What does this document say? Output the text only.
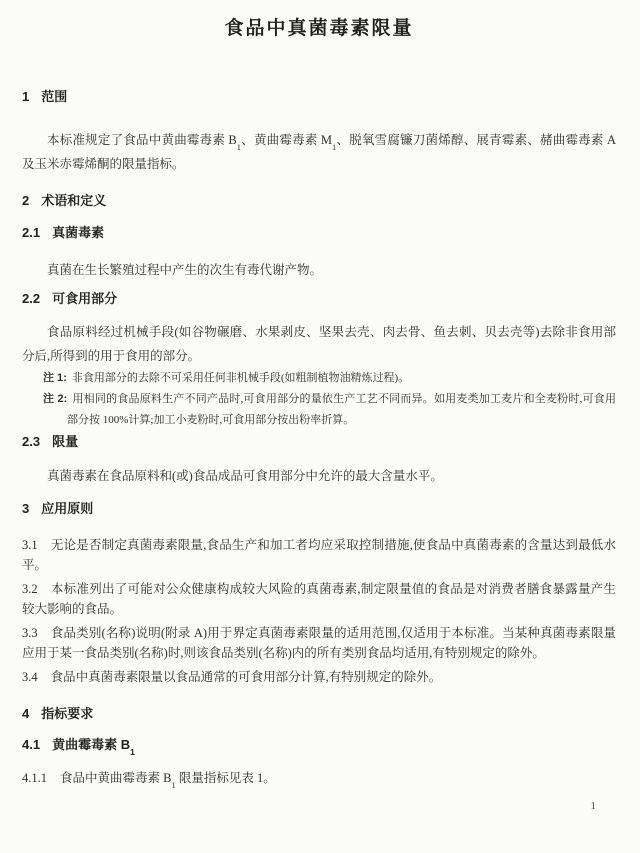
食品中真菌毒素限量

1 范围

本标准规定了食品中黄曲霉毒素 $B_1$、黄曲霉毒素 $M_1$、脱氧雪腐镰刀菌烯醇、展青霉素、赭曲霉毒素 A 及玉米赤霉烯酮的限量指标。

2 术语和定义

2.1 真菌毒素

真菌在生长繁殖过程中产生的次生有毒代谢产物。

2.2 可食用部分

食品原料经过机械手段(如谷物碾磨、水果剥皮、坚果去壳、肉去骨、鱼去刺、贝去壳等)去除非食用部分后,所得到的用于食用的部分。

注 1: 非食用部分的去除不可采用任何非机械手段(如粗制植物油精炼过程)。

注 2: 用相同的食品原料生产不同产品时,可食用部分的量依生产工艺不同而异。如用麦类加工麦片和全麦粉时,可食用部分按 100%计算;加工小麦粉时,可食用部分按出粉率折算。

2.3 限量

真菌毒素在食品原料和(或)食品成品可食用部分中允许的最大含量水平。

3 应用原则

3.1 无论是否制定真菌毒素限量,食品生产和加工者均应采取控制措施,使食品中真菌毒素的含量达到最低水平。

3.2 本标准列出了可能对公众健康构成较大风险的真菌毒素,制定限量值的食品是对消费者膳食暴露量产生较大影响的食品。

3.3 食品类别(名称)说明(附录 A)用于界定真菌毒素限量的适用范围,仅适用于本标准。当某种真菌毒素限量应用于某一食品类别(名称)时,则该食品类别(名称)内的所有类别食品均适用,有特别规定的除外。

3.4 食品中真菌毒素限量以食品通常的可食用部分计算,有特别规定的除外。

4 指标要求

4.1 黄曲霉毒素 $B_1$

4.1.1 食品中黄曲霉毒素 $B_1$ 限量指标见表 1。

1
